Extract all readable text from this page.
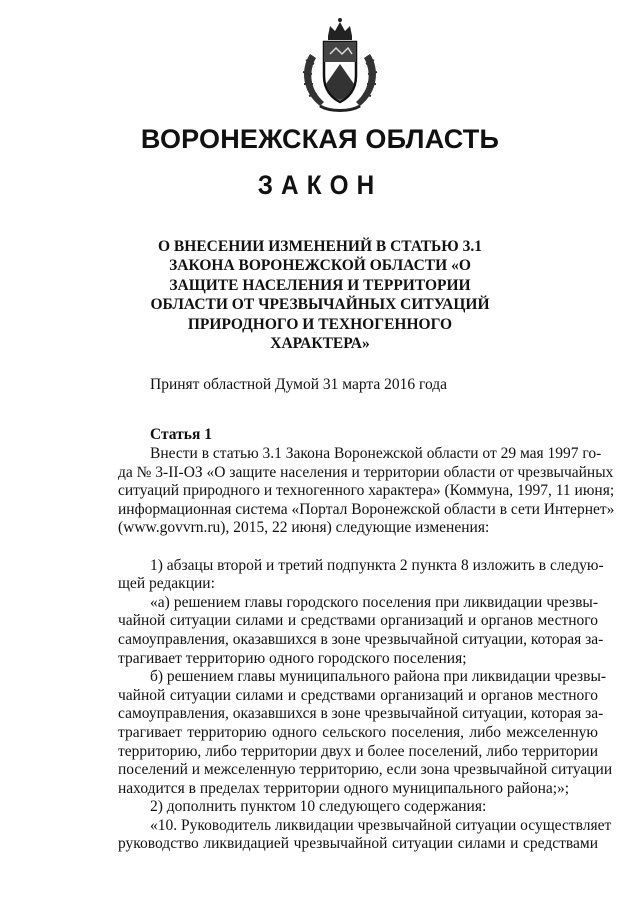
ВОРОНЕЖСКАЯ ОБЛАСТЬ
ЗАКОН
О ВНЕСЕНИИ ИЗМЕНЕНИЙ В СТАТЬЮ 3.1
ЗАКОНА ВОРОНЕЖСКОЙ ОБЛАСТИ «О
ЗАЩИТЕ НАСЕЛЕНИЯ И ТЕРРИТОРИИ
ОБЛАСТИ ОТ ЧРЕЗВЫЧАЙНЫХ СИТУАЦИЙ
ПРИРОДНОГО И ТЕХНОГЕННОГО
ХАРАКТЕРА»

Принят областной Думой 31 марта 2016 года

Статья 1

Внести в статью 3.1 Закона Воронежской области от 29 мая 1997 го-
да № 3-II-ОЗ «О защите населения и территории области от чрезвычайных
ситуаций природного и техногенного характера» (Коммуна, 1997, 11 июня;
информационная система «Портал Воронежской области в сети Интернет»
(www.govvrn.ru), 2015, 22 июня) следующие изменения:
1) абзацы второй и третий подпункта 2 пункта 8 изложить в следую-
щей редакции:
«а) решением главы городского поселения при ликвидации чрезвы-
чайной ситуации силами и средствами организаций и органов местного
самоуправления, оказавшихся в зоне чрезвычайной ситуации, которая за-
трагивает территорию одного городского поселения;
б) решением главы муниципального района при ликвидации чрезвы-
чайной ситуации силами и средствами организаций и органов местного
самоуправления, оказавшихся в зоне чрезвычайной ситуации, которая за-
трагивает территорию одного сельского поселения, либо межселенную
территорию, либо территории двух и более поселений, либо территории
поселений и межселенную территорию, если зона чрезвычайной ситуации
находится в пределах территории одного муниципального района;»;
2) дополнить пунктом 10 следующего содержания:
«10. Руководитель ликвидации чрезвычайной ситуации осуществляет
руководство ликвидацией чрезвычайной ситуации силами и средствами
